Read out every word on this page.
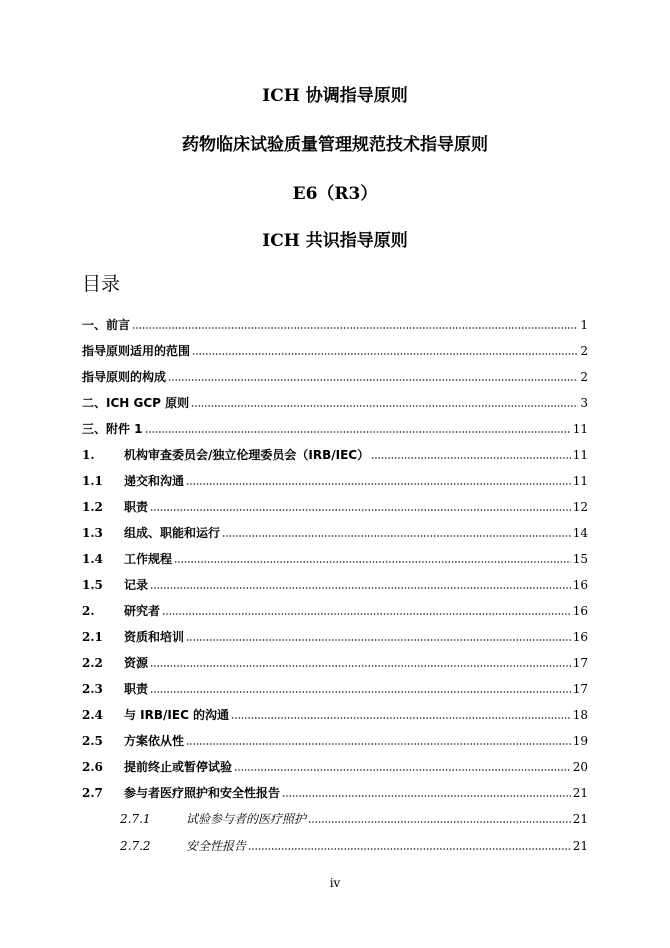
ICH 协调指导原则
药物临床试验质量管理规范技术指导原则
E6（R3）
ICH 共识指导原则
目录
一、前言	1
指导原则适用的范围	2
指导原则的构成	2
二、ICH GCP 原则	3
三、附件 1	11
1.	机构审查委员会/独立伦理委员会（IRB/IEC）	11
1.1	递交和沟通	11
1.2	职责	12
1.3	组成、职能和运行	14
1.4	工作规程	15
1.5	记录	16
2.	研究者	16
2.1	资质和培训	16
2.2	资源	17
2.3	职责	17
2.4	与 IRB/IEC 的沟通	18
2.5	方案依从性	19
2.6	提前终止或暂停试验	20
2.7	参与者医疗照护和安全性报告	21
2.7.1	试验参与者的医疗照护	21
2.7.2	安全性报告	21
iv
